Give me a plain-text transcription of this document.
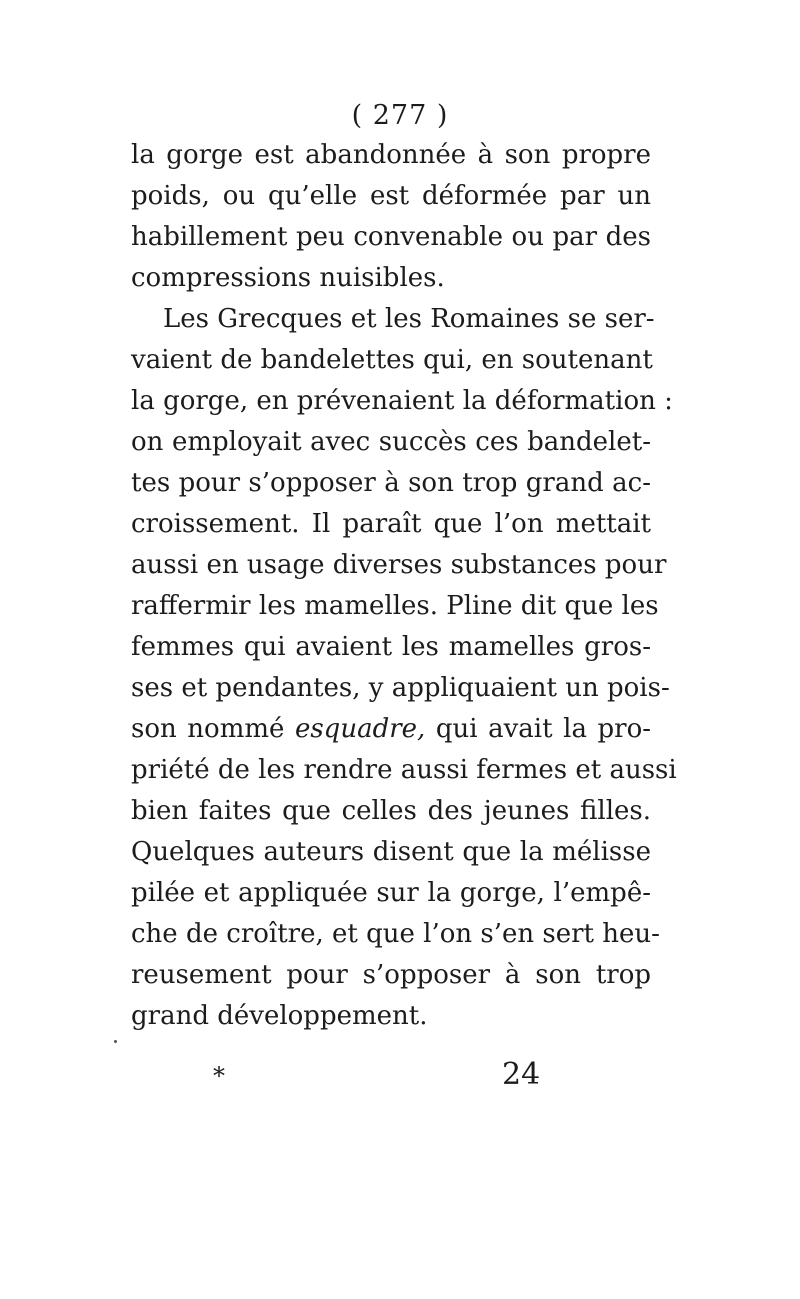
( 277 )
la gorge est abandonnée à son propre
poids, ou qu’elle est déformée par un
habillement peu convenable ou par des
compressions nuisibles.
Les Grecques et les Romaines se ser-
vaient de bandelettes qui, en soutenant
la gorge, en prévenaient la déformation :
on employait avec succès ces bandelet-
tes pour s’opposer à son trop grand ac-
croissement. Il paraît que l’on mettait
aussi en usage diverses substances pour
raffermir les mamelles. Pline dit que les
femmes qui avaient les mamelles gros-
ses et pendantes, y appliquaient un pois-
son nommé esquadre, qui avait la pro-
priété de les rendre aussi fermes et aussi
bien faites que celles des jeunes filles.
Quelques auteurs disent que la mélisse
pilée et appliquée sur la gorge, l’empê-
che de croître, et que l’on s’en sert heu-
reusement pour s’opposer à son trop
grand développement.
*	24
